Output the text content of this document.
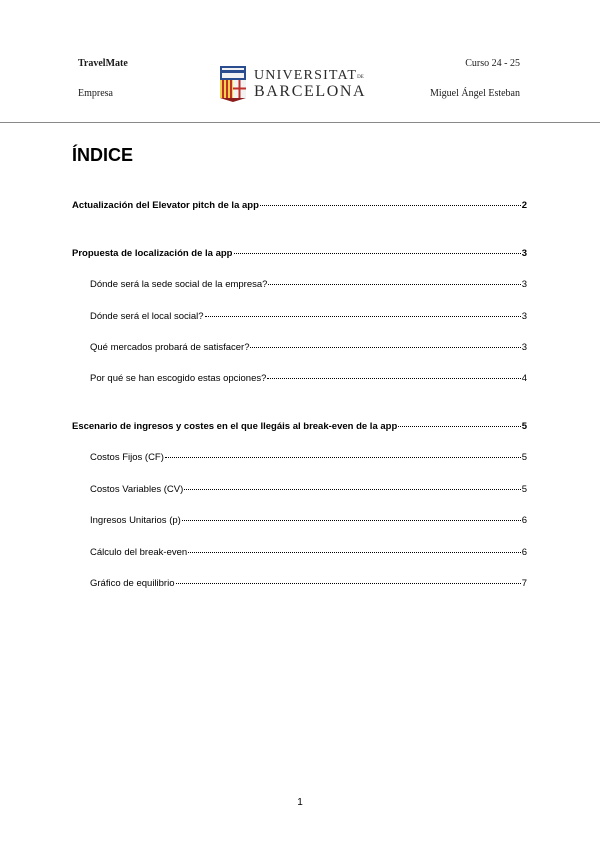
TravelMate
Empresa
Curso 24 - 25
Miguel Ángel Esteban
UNIVERSITATDE
BARCELONA
ÍNDICE
Actualización del Elevator pitch de la app	2
Propuesta de localización de la app	3
Dónde será la sede social de la empresa?	3
Dónde será el local social?	3
Qué mercados probará de satisfacer?	3
Por qué se han escogido estas opciones?	4
Escenario de ingresos y costes en el que llegáis al break-even de la app	5
Costos Fijos (CF)	5
Costos Variables (CV)	5
Ingresos Unitarios (p)	6
Cálculo del break-even	6
Gráfico de equilibrio	7
1
